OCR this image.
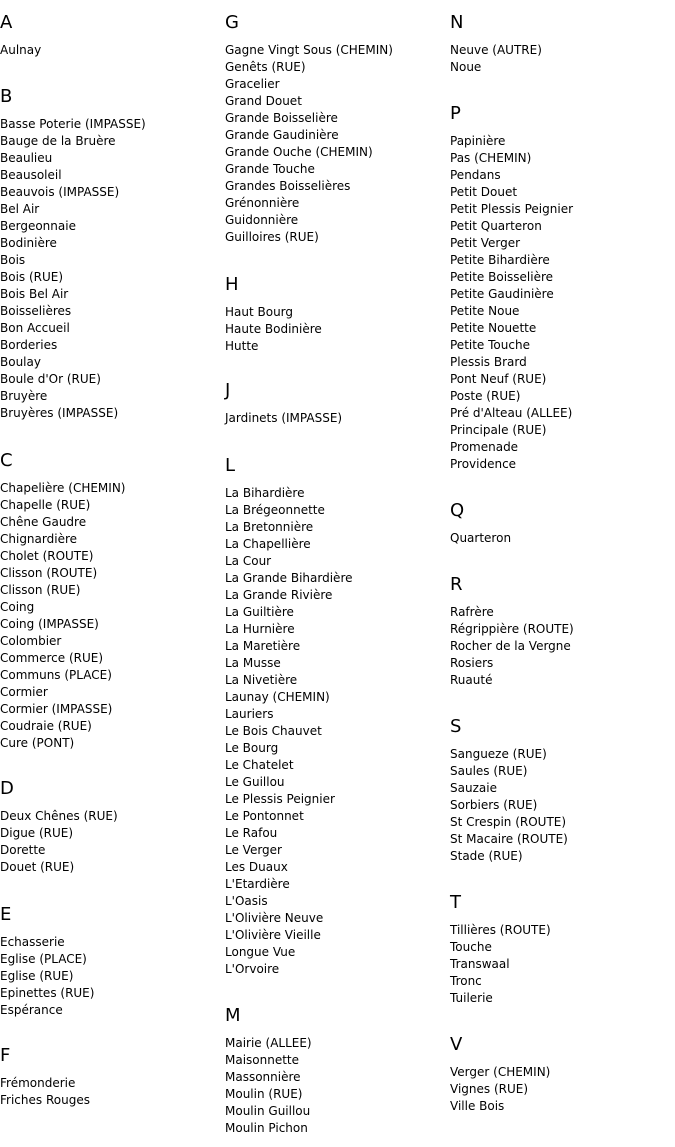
A
Aulnay
B
Basse Poterie (IMPASSE)
Bauge de la Bruère
Beaulieu
Beausoleil
Beauvois (IMPASSE)
Bel Air
Bergeonnaie
Bodinière
Bois
Bois (RUE)
Bois Bel Air
Boisselières
Bon Accueil
Borderies
Boulay
Boule d'Or (RUE)
Bruyère
Bruyères (IMPASSE)
C
Chapelière (CHEMIN)
Chapelle (RUE)
Chêne Gaudre
Chignardière
Cholet (ROUTE)
Clisson (ROUTE)
Clisson (RUE)
Coing
Coing (IMPASSE)
Colombier
Commerce (RUE)
Communs (PLACE)
Cormier
Cormier (IMPASSE)
Coudraie (RUE)
Cure (PONT)
D
Deux Chênes (RUE)
Digue (RUE)
Dorette
Douet (RUE)
E
Echasserie
Eglise (PLACE)
Eglise (RUE)
Epinettes (RUE)
Espérance
F
Frémonderie
Friches Rouges
G
Gagne Vingt Sous (CHEMIN)
Genêts (RUE)
Gracelier
Grand Douet
Grande Boisselière
Grande Gaudinière
Grande Ouche (CHEMIN)
Grande Touche
Grandes Boisselières
Grénonnière
Guidonnière
Guilloires (RUE)
H
Haut Bourg
Haute Bodinière
Hutte
J
Jardinets (IMPASSE)
L
La Bihardière
La Brégeonnette
La Bretonnière
La Chapellière
La Cour
La Grande Bihardière
La Grande Rivière
La Guiltière
La Hurnière
La Maretière
La Musse
La Nivetière
Launay (CHEMIN)
Lauriers
Le Bois Chauvet
Le Bourg
Le Chatelet
Le Guillou
Le Plessis Peignier
Le Pontonnet
Le Rafou
Le Verger
Les Duaux
L'Etardière
L'Oasis
L'Olivière Neuve
L'Olivière Vieille
Longue Vue
L'Orvoire
M
Mairie (ALLEE)
Maisonnette
Massonnière
Moulin (RUE)
Moulin Guillou
Moulin Pichon
N
Neuve (AUTRE)
Noue
P
Papinière
Pas (CHEMIN)
Pendans
Petit Douet
Petit Plessis Peignier
Petit Quarteron
Petit Verger
Petite Bihardière
Petite Boisselière
Petite Gaudinière
Petite Noue
Petite Nouette
Petite Touche
Plessis Brard
Pont Neuf (RUE)
Poste (RUE)
Pré d'Alteau (ALLEE)
Principale (RUE)
Promenade
Providence
Q
Quarteron
R
Rafrère
Régrippière (ROUTE)
Rocher de la Vergne
Rosiers
Ruauté
S
Sangueze (RUE)
Saules (RUE)
Sauzaie
Sorbiers (RUE)
St Crespin (ROUTE)
St Macaire (ROUTE)
Stade (RUE)
T
Tillières (ROUTE)
Touche
Transwaal
Tronc
Tuilerie
V
Verger (CHEMIN)
Vignes (RUE)
Ville Bois
